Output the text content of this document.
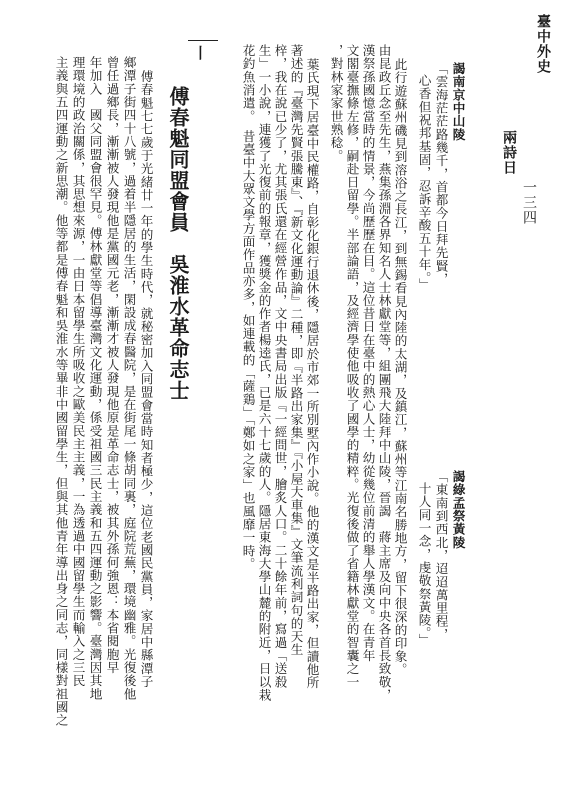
臺中外史
一三四
兩詩日
謁南京中山陵
「雲海茫茫路幾千，首都今日拜先賢，
心香但祝邦基固，忍訴辛酸五十年。」
謁綠孟祭黃陵
「東南到西北，迢迢萬里程，
十人同一念，虔敬祭黃陵。」
此行遊蘇州磯見到溶浴之長江，到無錫看見內陸的太湖，及鎮江，蘇州等江南名勝地方，留下很深的印象。
由昆政丘念至先生，燕集孫淵各界知名人士林獻堂等，組團飛大陸拜中山陵，晉謁　蔣主席及向中央各首長致敬，
漢祭孫國憶當時的情景，今尚歷歷在目。這位昔日在臺中的熱心人士，幼從幾位前清的舉人學漢文。在青年
文閣臺撫條左修，嗣赴日留學。半部論語，及經濟學使他吸收了國學的精粹。光復後做了省籍林獻堂的智囊之一
，對林家家世熟稔。
葉氏現下居臺中民權路，自彰化銀行退休後，隱居於市郊一所別墅內作小說。他的漢文是半路出家，但讀他所
著述的『臺灣先賢張騰東』、『新文化運動論』二種，即『半路出家集』『小屋大車集』文筆流利詞句的天生
梓，我在說已少了，尤其張氏還在經營作品，文中央書局出版『一經問世，膾炙人口。二十餘年前，寫過「送殺
生」一小說，連獲了光復前的報章，獲獎金的作者楊逵氏，已是六十七歲的人。隱居東海大學山麓的附近，日以栽
花釣魚消遣。　昔臺中大眾文學方面作品亦多，如連載的「薩鶏」「鄭如之家」也風靡一時。
丨
傅春魁同盟會員　吳淮水革命志士
傅春魁七七歲于光緒廿一年的學生時代，就秘密加入同盟會當時知者極少，這位老國民黨員，家居中縣潭子
鄉潭子街四十八號，過着半隱居的生活，閑設成春醫院，是在街尾一條胡同裏，庭院荒蕪，環境幽雅。光復後他
曾任過鄉長，漸漸被人發現他是黨國元老，漸漸才被人發現他原是革命志士，被其外孫何強恩：本省閱胞早
年加入　國父同盟會很罕見。傅林獻堂等倡導臺灣文化運動，係受祖國三民主義和五四運動之影響。臺灣因其地
理環境的政治關係，其思想來源，一由日本留學生所吸收之歐美民主主義，一為透過中國留學生而輸入之三民
主義與五四運動之新思潮。他等都是傅春魁和吳淮水等畢非中國留學生，但與其他青年導出身之同志，同樣對祖國之
